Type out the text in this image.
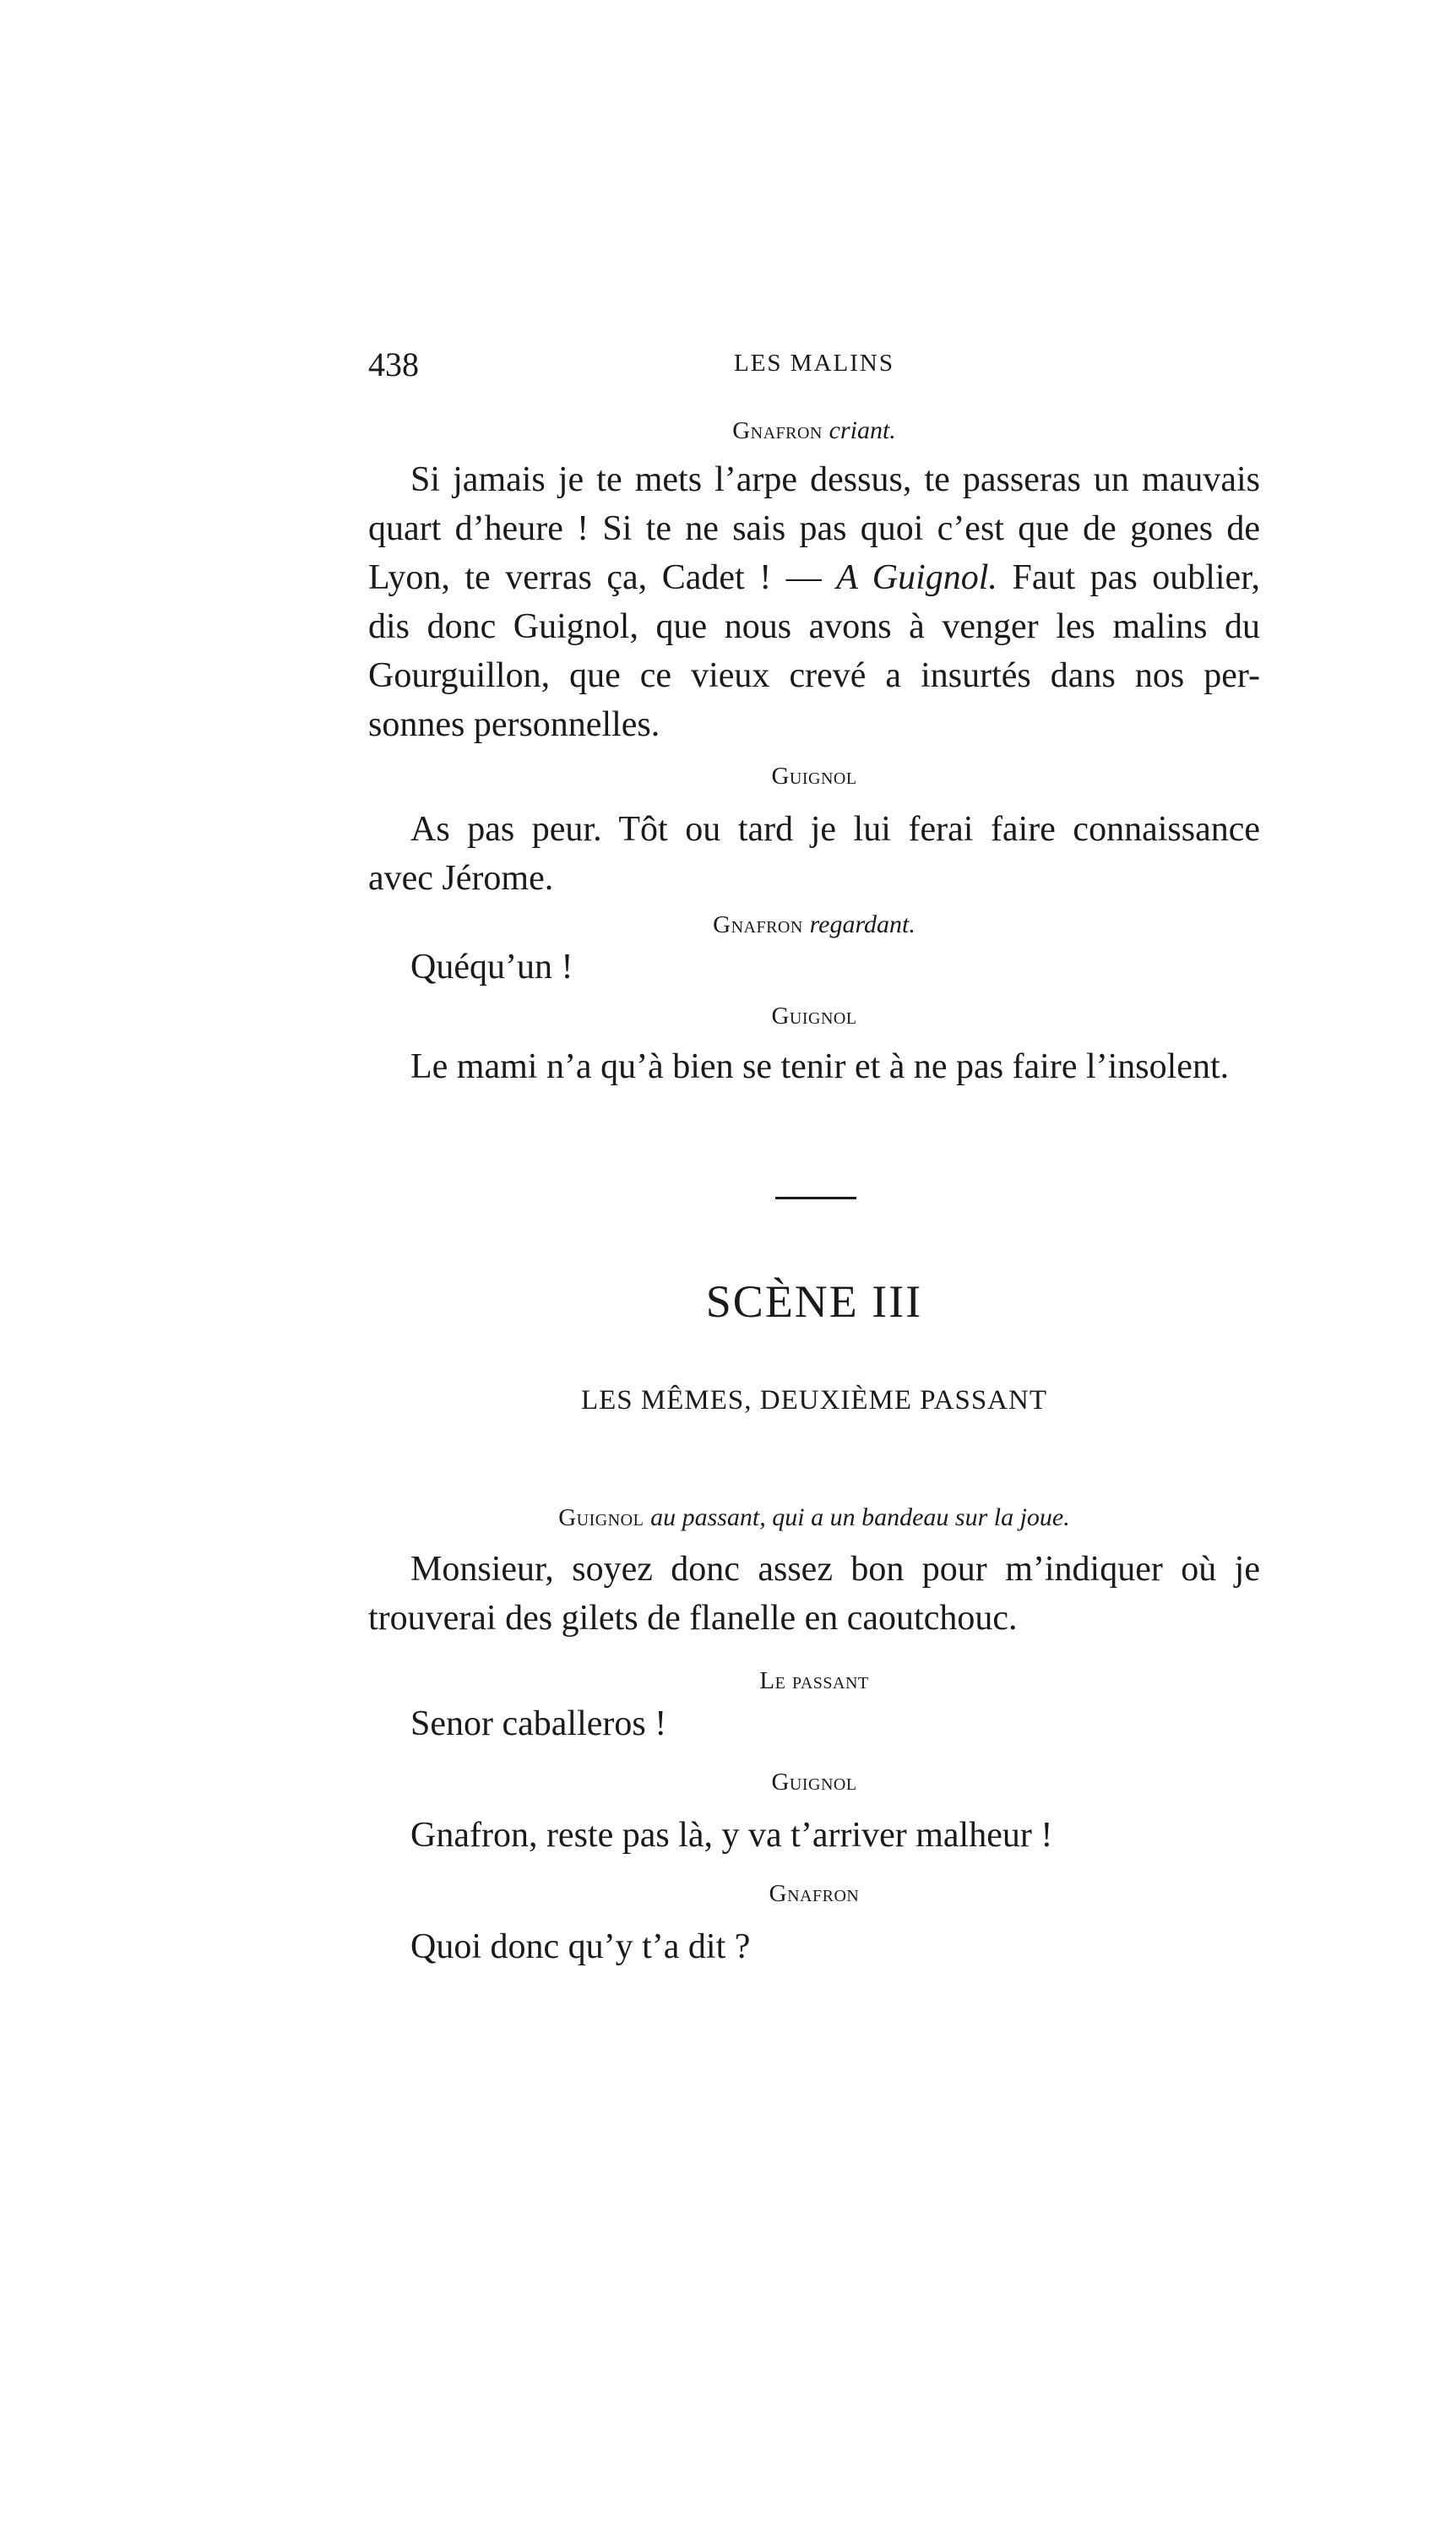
438	LES MALINS
Gnafron criant.
Si jamais je te mets l’arpe dessus, te passeras un mauvais
quart d’heure ! Si te ne sais pas quoi c’est que de gones de
Lyon, te verras ça, Cadet ! — A Guignol. Faut pas oublier,
dis donc Guignol, que nous avons à venger les malins du
Gourguillon, que ce vieux crevé a insurtés dans nos per-
sonnes personnelles.
Guignol
As pas peur. Tôt ou tard je lui ferai faire connaissance
avec Jérome.
Gnafron regardant.
Quéqu’un !
Guignol
Le mami n’a qu’à bien se tenir et à ne pas faire l’insolent.
SCÈNE III
LES MÊMES, DEUXIÈME PASSANT
Guignol au passant, qui a un bandeau sur la joue.
Monsieur, soyez donc assez bon pour m’indiquer où je
trouverai des gilets de flanelle en caoutchouc.
Le passant
Senor caballeros !
Guignol
Gnafron, reste pas là, y va t’arriver malheur !
Gnafron
Quoi donc qu’y t’a dit ?
